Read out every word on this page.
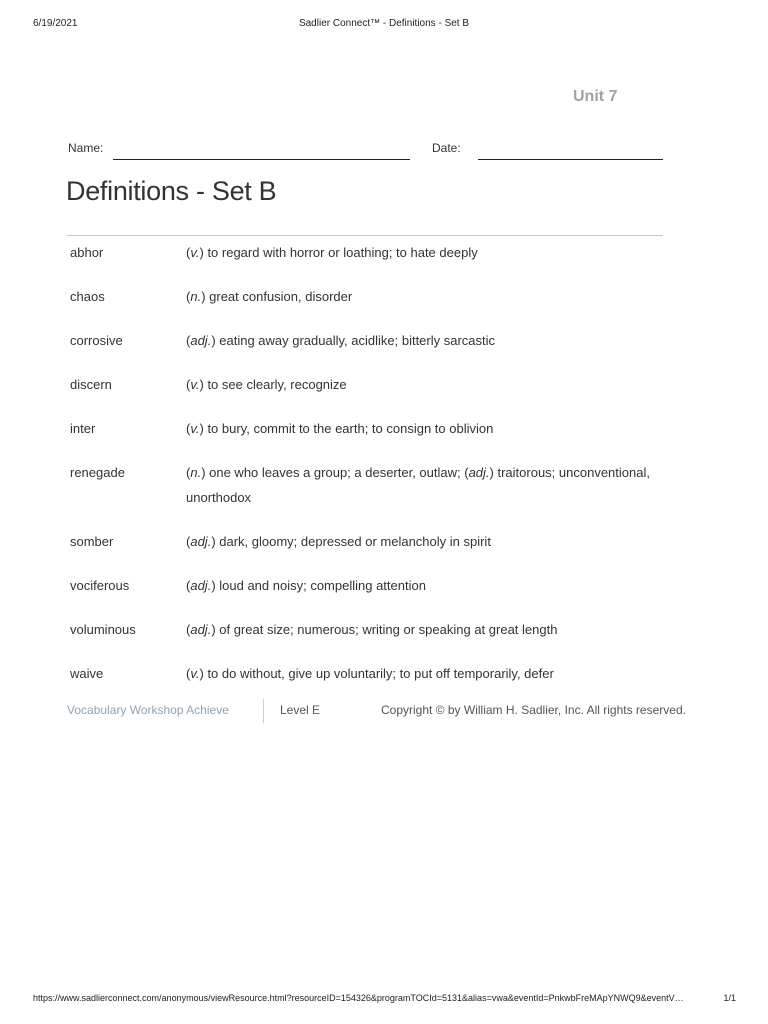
6/19/2021	Sadlier Connect™ - Definitions - Set B
Unit 7
Name:	Date:
Definitions - Set B
abhor	(v.) to regard with horror or loathing; to hate deeply
chaos	(n.) great confusion, disorder
corrosive	(adj.) eating away gradually, acidlike; bitterly sarcastic
discern	(v.) to see clearly, recognize
inter	(v.) to bury, commit to the earth; to consign to oblivion
renegade	(n.) one who leaves a group; a deserter, outlaw; (adj.) traitorous; unconventional, unorthodox
somber	(adj.) dark, gloomy; depressed or melancholy in spirit
vociferous	(adj.) loud and noisy; compelling attention
voluminous	(adj.) of great size; numerous; writing or speaking at great length
waive	(v.) to do without, give up voluntarily; to put off temporarily, defer
Vocabulary Workshop Achieve	Level E	Copyright © by William H. Sadlier, Inc. All rights reserved.
https://www.sadlierconnect.com/anonymous/viewResource.html?resourceID=154326&programTOCId=5131&alias=vwa&eventId=PnkwbFreMApYNWQ9&eventV…	1/1
